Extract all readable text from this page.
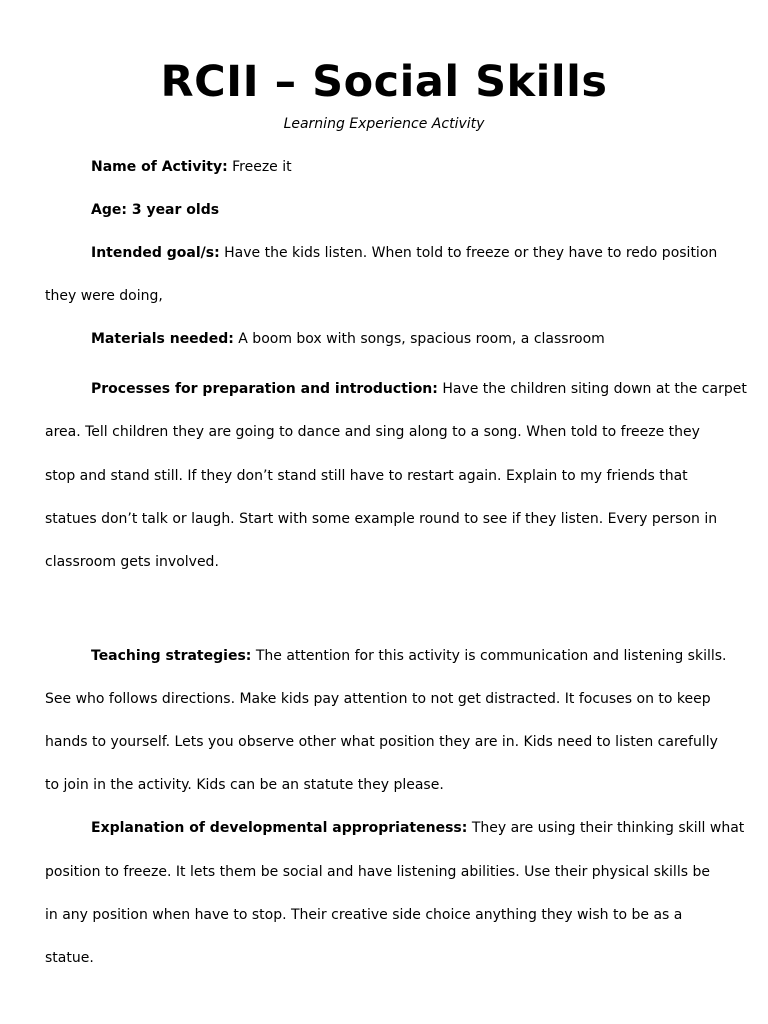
RCII – Social Skills
Learning Experience Activity
Name of Activity: Freeze it
Age: 3 year olds
Intended goal/s: Have the kids listen. When told to freeze or they have to redo position
they were doing,
Materials needed: A boom box with songs, spacious room, a classroom
Processes for preparation and introduction: Have the children siting down at the carpet
area. Tell children they are going to dance and sing along to a song. When told to freeze they
stop and stand still. If they don’t stand still have to restart again. Explain to my friends that
statues don’t talk or laugh. Start with some example round to see if they listen. Every person in
classroom gets involved.
Teaching strategies: The attention for this activity is communication and listening skills.
See who follows directions. Make kids pay attention to not get distracted. It focuses on to keep
hands to yourself. Lets you observe other what position they are in. Kids need to listen carefully
to join in the activity. Kids can be an statute they please.
Explanation of developmental appropriateness: They are using their thinking skill what
position to freeze. It lets them be social and have listening abilities. Use their physical skills be
in any position when have to stop. Their creative side choice anything they wish to be as a
statue.
